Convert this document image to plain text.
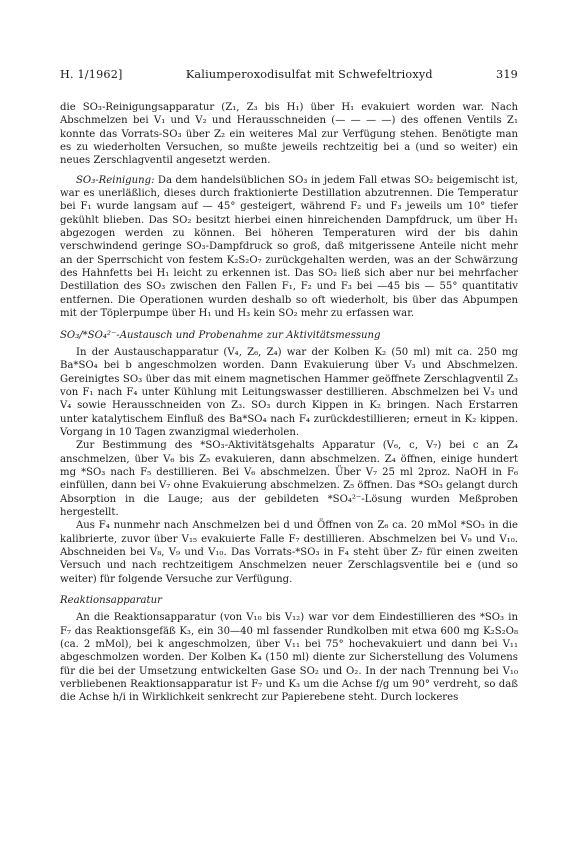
H. 1/1962]	Kaliumperoxodisulfat mit Schwefeltrioxyd	319

die SO₃-Reinigungsapparatur (Z₁, Z₃ bis H₁) über H₁ evakuiert worden war. Nach Abschmelzen bei V₁ und V₂ und Herausschneiden (— — — —) des offenen Ventils Z₁ konnte das Vorrats-SO₃ über Z₂ ein weiteres Mal zur Verfügung stehen. Benötigte man es zu wiederholten Versuchen, so mußte jeweils rechtzeitig bei a (und so weiter) ein neues Zerschlagventil angesetzt werden.

SO₃-Reinigung: Da dem handelsüblichen SO₃ in jedem Fall etwas SO₂ beigemischt ist, war es unerläßlich, dieses durch fraktionierte Destillation abzutrennen. Die Temperatur bei F₁ wurde langsam auf — 45° gesteigert, während F₂ und F₃ jeweils um 10° tiefer gekühlt blieben. Das SO₂ besitzt hierbei einen hinreichenden Dampfdruck, um über H₁ abgezogen werden zu können. Bei höheren Temperaturen wird der bis dahin verschwindend geringe SO₃-Dampfdruck so groß, daß mitgerissene Anteile nicht mehr an der Sperrschicht von festem K₂S₂O₇ zurückgehalten werden, was an der Schwärzung des Hahnfetts bei H₁ leicht zu erkennen ist. Das SO₂ ließ sich aber nur bei mehrfacher Destillation des SO₃ zwischen den Fallen F₁, F₂ und F₃ bei —45 bis — 55° quantitativ entfernen. Die Operationen wurden deshalb so oft wiederholt, bis über das Abpumpen mit der Töplerpumpe über H₁ und H₃ kein SO₂ mehr zu erfassen war.

SO₃/*SO₄²⁻-Austausch und Probenahme zur Aktivitätsmessung

In der Austauschapparatur (V₄, Z₆, Z₄) war der Kolben K₂ (50 ml) mit ca. 250 mg Ba*SO₄ bei b angeschmolzen worden. Dann Evakuierung über V₃ und Abschmelzen. Gereinigtes SO₃ über das mit einem magnetischen Hammer geöffnete Zerschlagventil Z₃ von F₁ nach F₄ unter Kühlung mit Leitungswasser destillieren. Abschmelzen bei V₃ und V₄ sowie Herausschneiden von Z₃. SO₃ durch Kippen in K₂ bringen. Nach Erstarren unter katalytischem Einfluß des Ba*SO₄ nach F₄ zurückdestillieren; erneut in K₂ kippen. Vorgang in 10 Tagen zwanzigmal wiederholen.

Zur Bestimmung des *SO₃-Aktivitätsgehalts Apparatur (V₆, c, V₇) bei c an Z₄ anschmelzen, über V₆ bis Z₅ evakuieren, dann abschmelzen. Z₄ öffnen, einige hundert mg *SO₃ nach F₅ destillieren. Bei V₆ abschmelzen. Über V₇ 25 ml 2proz. NaOH in F₆ einfüllen, dann bei V₇ ohne Evakuierung abschmelzen. Z₅ öffnen. Das *SO₃ gelangt durch Absorption in die Lauge; aus der gebildeten *SO₄²⁻-Lösung wurden Meßproben hergestellt.

Aus F₄ nunmehr nach Anschmelzen bei d und Öffnen von Z₆ ca. 20 mMol *SO₃ in die kalibrierte, zuvor über V₁₅ evakuierte Falle F₇ destillieren. Abschmelzen bei V₉ und V₁₀. Abschneiden bei V₈, V₉ und V₁₀. Das Vorrats-*SO₃ in F₄ steht über Z₇ für einen zweiten Versuch und nach rechtzeitigem Anschmelzen neuer Zerschlagsventile bei e (und so weiter) für folgende Versuche zur Verfügung.

Reaktionsapparatur

An die Reaktionsapparatur (von V₁₀ bis V₁₂) war vor dem Eindestillieren des *SO₃ in F₇ das Reaktionsgefäß K₃, ein 30—40 ml fassender Rundkolben mit etwa 600 mg K₂S₂O₈ (ca. 2 mMol), bei k angeschmolzen, über V₁₁ bei 75° hochevakuiert und dann bei V₁₁ abgeschmolzen worden. Der Kolben K₄ (150 ml) diente zur Sicherstellung des Volumens für die bei der Umsetzung entwickelten Gase SO₂ und O₂. In der nach Trennung bei V₁₀ verbliebenen Reaktionsapparatur ist F₇ und K₃ um die Achse f/g um 90° verdreht, so daß die Achse h/i in Wirklichkeit senkrecht zur Papierebene steht. Durch lockeres
